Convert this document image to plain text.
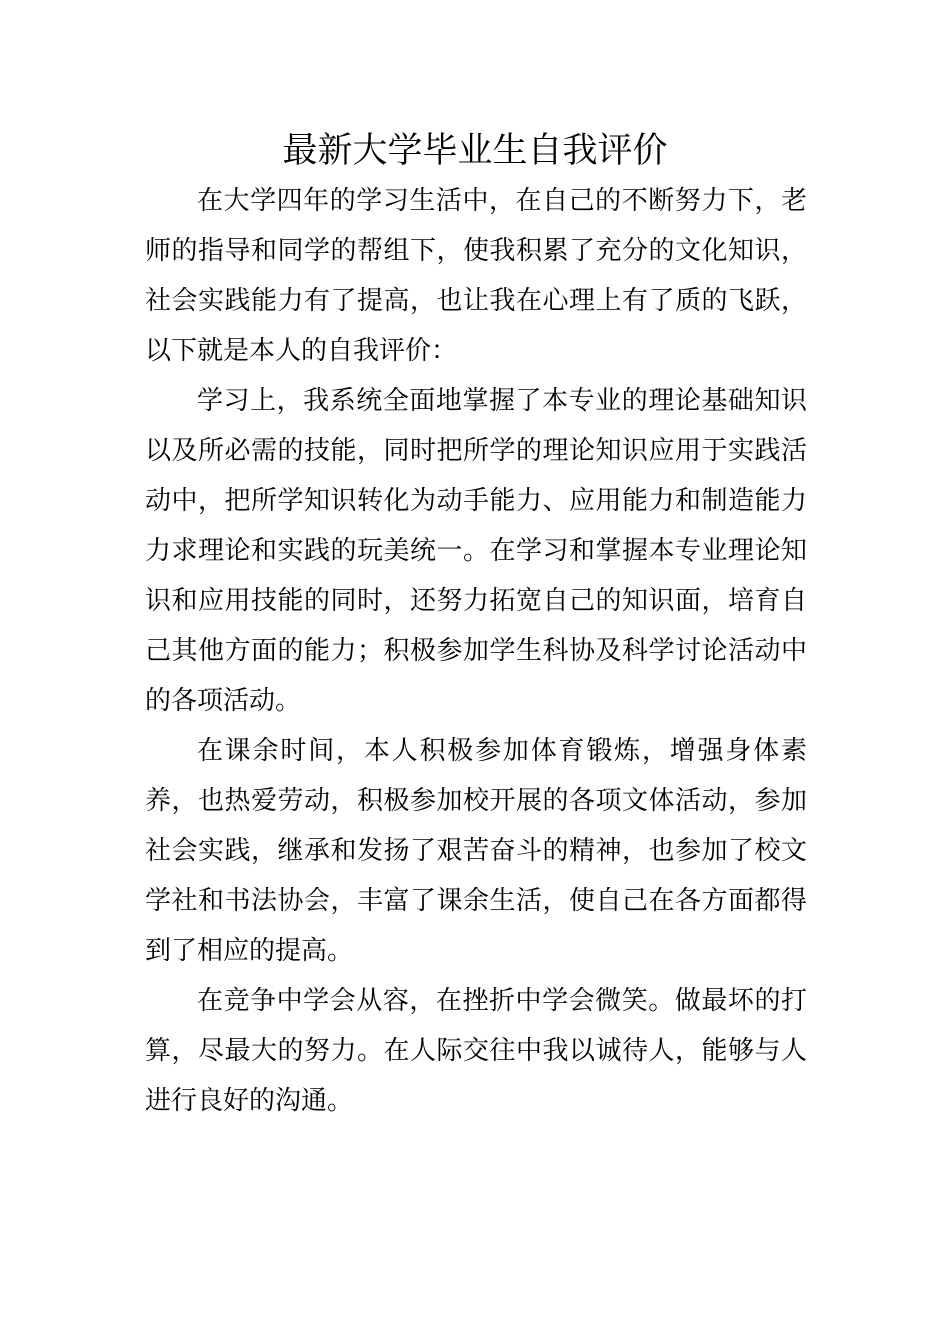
最新大学毕业生自我评价

在大学四年的学习生活中，在自己的不断努力下，老师的指导和同学的帮组下，使我积累了充分的文化知识，社会实践能力有了提高，也让我在心理上有了质的飞跃，以下就是本人的自我评价：

学习上，我系统全面地掌握了本专业的理论基础知识以及所必需的技能，同时把所学的理论知识应用于实践活动中，把所学知识转化为动手能力、应用能力和制造能力力求理论和实践的玩美统一。在学习和掌握本专业理论知识和应用技能的同时，还努力拓宽自己的知识面，培育自己其他方面的能力；积极参加学生科协及科学讨论活动中的各项活动。

在课余时间，本人积极参加体育锻炼，增强身体素养，也热爱劳动，积极参加校开展的各项文体活动，参加社会实践，继承和发扬了艰苦奋斗的精神，也参加了校文学社和书法协会，丰富了课余生活，使自己在各方面都得到了相应的提高。

在竞争中学会从容，在挫折中学会微笑。做最坏的打算，尽最大的努力。在人际交往中我以诚待人，能够与人进行良好的沟通。
